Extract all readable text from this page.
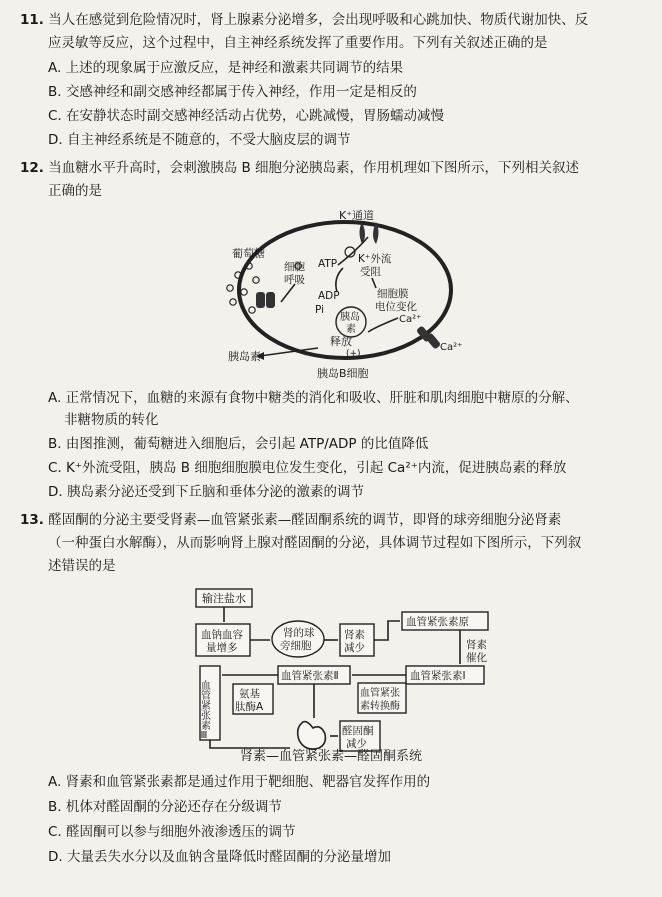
11. 当人在感觉到危险情况时，肾上腺素分泌增多，会出现呼吸和心跳加快、物质代谢加快、反
应灵敏等反应，这个过程中，自主神经系统发挥了重要作用。下列有关叙述正确的是
A. 上述的现象属于应激反应，是神经和激素共同调节的结果
B. 交感神经和副交感神经都属于传入神经，作用一定是相反的
C. 在安静状态时副交感神经活动占优势，心跳减慢，胃肠蠕动减慢
D. 自主神经系统是不随意的，不受大脑皮层的调节
12. 当血糖水平升高时，会刺激胰岛 B 细胞分泌胰岛素，作用机理如下图所示，下列相关叙述
正确的是
K⁺通道
葡萄糖
细胞
呼吸
ATP
ADP
Pi
K⁺外流
受阻
细胞膜
电位变化
胰岛
素
Ca²⁺
Ca²⁺
释放
(+)
胰岛素
胰岛B细胞
A. 正常情况下，血糖的来源有食物中糖类的消化和吸收、肝脏和肌肉细胞中糖原的分解、
非糖物质的转化
B. 由图推测，葡萄糖进入细胞后，会引起 ATP/ADP 的比值降低
C. K⁺外流受阻，胰岛 B 细胞细胞膜电位发生变化，引起 Ca²⁺内流，促进胰岛素的释放
D. 胰岛素分泌还受到下丘脑和垂体分泌的激素的调节
13. 醛固酮的分泌主要受肾素—血管紧张素—醛固酮系统的调节，即肾的球旁细胞分泌肾素
（一种蛋白水解酶），从而影响肾上腺对醛固酮的分泌，具体调节过程如下图所示，下列叙
述错误的是
输注盐水
血钠血容
量增多
肾的球
旁细胞
肾素
减少
血管紧张素原
肾素
催化
血管紧张素Ⅰ
血管紧张素Ⅱ
血管紧张
素转换酶
氨基
肽酶A
血管紧张素Ⅲ	醛固酮
减少
肾素—血管紧张素—醛固酮系统
A. 肾素和血管紧张素都是通过作用于靶细胞、靶器官发挥作用的
B. 机体对醛固酮的分泌还存在分级调节
C. 醛固酮可以参与细胞外液渗透压的调节
D. 大量丢失水分以及血钠含量降低时醛固酮的分泌量增加
